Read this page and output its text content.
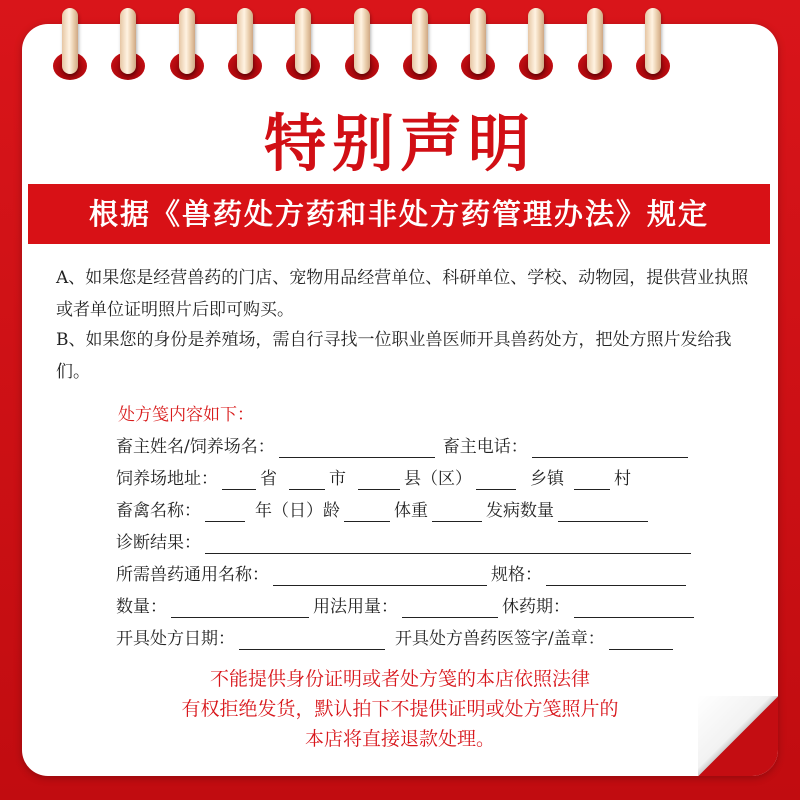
特别声明
根据《兽药处方药和非处方药管理办法》规定

A、如果您是经营兽药的门店、宠物用品经营单位、科研单位、学校、动物园，提供营业执照或者单位证明照片后即可购买。

B、如果您的身份是养殖场，需自行寻找一位职业兽医师开具兽药处方，把处方照片发给我们。

处方笺内容如下：
畜主姓名/饲养场名：	畜主电话：
饲养场地址： 省	市	县（区）	乡镇	村
畜禽名称：	年（日）龄	体重	发病数量
诊断结果：
所需兽药通用名称：	规格：
数量：	用法用量：	休药期：
开具处方日期：	开具处方兽药医签字/盖章：
不能提供身份证明或者处方笺的本店依照法律
有权拒绝发货，默认拍下不提供证明或处方笺照片的
本店将直接退款处理。
